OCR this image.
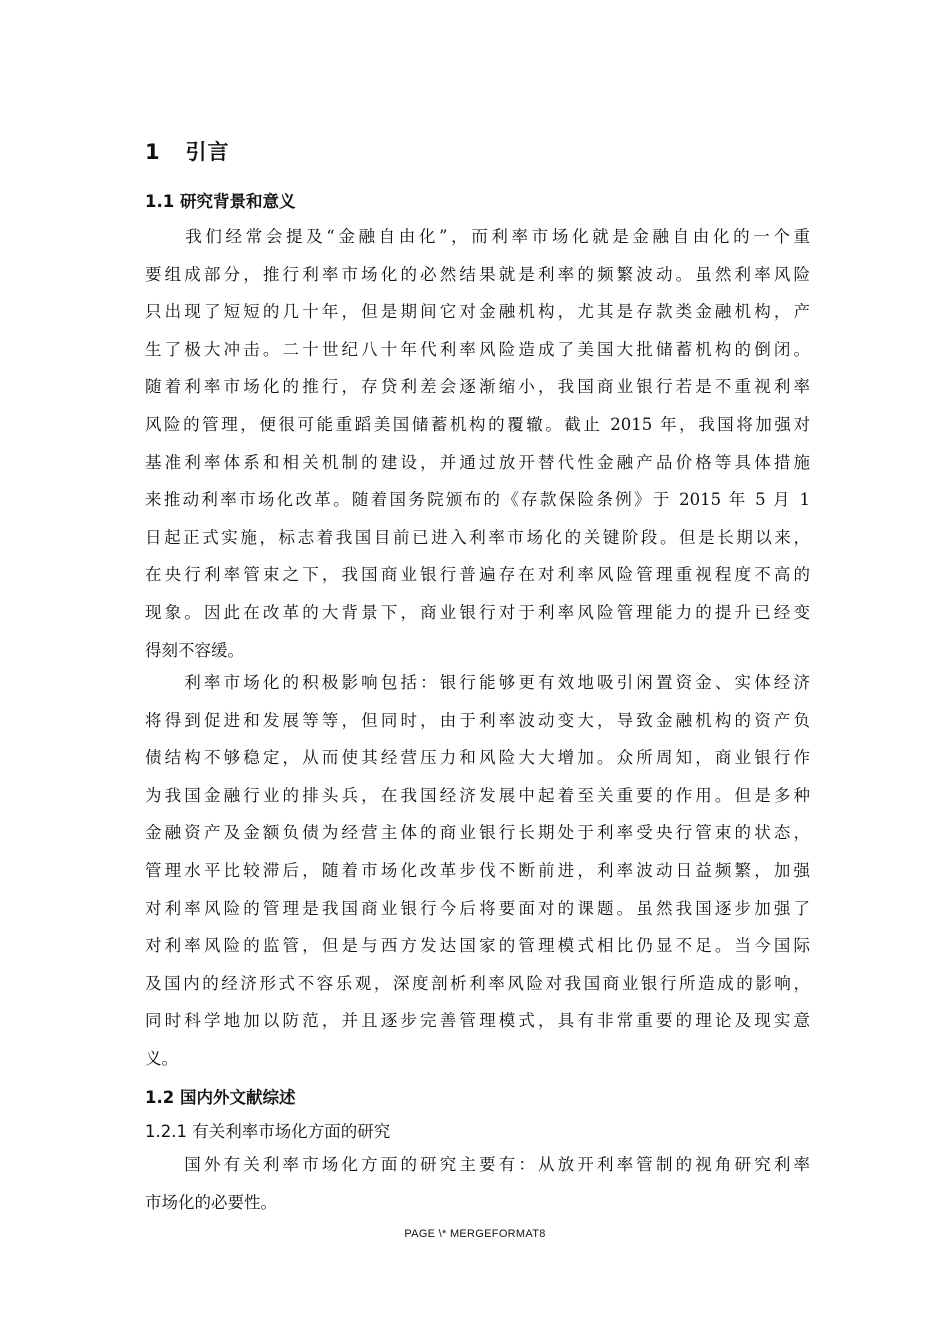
1   引言
1.1 研究背景和意义
　　我们经常会提及“金融自由化”，而利率市场化就是金融自由化的一个重
要组成部分，推行利率市场化的必然结果就是利率的频繁波动。虽然利率风险
只出现了短短的几十年，但是期间它对金融机构，尤其是存款类金融机构，产
生了极大冲击。二十世纪八十年代利率风险造成了美国大批储蓄机构的倒闭。
随着利率市场化的推行，存贷利差会逐渐缩小，我国商业银行若是不重视利率
风险的管理，便很可能重蹈美国储蓄机构的覆辙。截止 2015 年，我国将加强对
基准利率体系和相关机制的建设，并通过放开替代性金融产品价格等具体措施
来推动利率市场化改革。随着国务院颁布的《存款保险条例》于 2015 年 5 月 1
日起正式实施，标志着我国目前已进入利率市场化的关键阶段。但是长期以来，
在央行利率管束之下，我国商业银行普遍存在对利率风险管理重视程度不高的
现象。因此在改革的大背景下，商业银行对于利率风险管理能力的提升已经变
得刻不容缓。
　　利率市场化的积极影响包括：银行能够更有效地吸引闲置资金、实体经济
将得到促进和发展等等，但同时，由于利率波动变大，导致金融机构的资产负
债结构不够稳定，从而使其经营压力和风险大大增加。众所周知，商业银行作
为我国金融行业的排头兵，在我国经济发展中起着至关重要的作用。但是多种
金融资产及金额负债为经营主体的商业银行长期处于利率受央行管束的状态，
管理水平比较滞后，随着市场化改革步伐不断前进，利率波动日益频繁，加强
对利率风险的管理是我国商业银行今后将要面对的课题。虽然我国逐步加强了
对利率风险的监管，但是与西方发达国家的管理模式相比仍显不足。当今国际
及国内的经济形式不容乐观，深度剖析利率风险对我国商业银行所造成的影响，
同时科学地加以防范，并且逐步完善管理模式，具有非常重要的理论及现实意
义。
1.2 国内外文献综述
1.2.1 有关利率市场化方面的研究
　　国外有关利率市场化方面的研究主要有：从放开利率管制的视角研究利率
市场化的必要性。
PAGE \* MERGEFORMAT8
